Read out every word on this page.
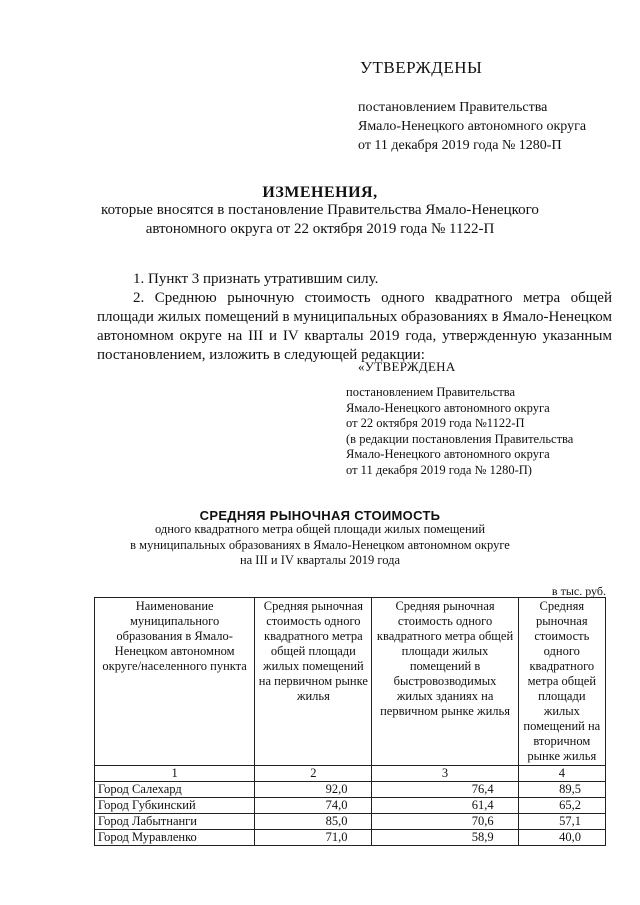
УТВЕРЖДЕНЫ
постановлением Правительства
Ямало-Ненецкого автономного округа
от 11 декабря 2019 года № 1280-П
ИЗМЕНЕНИЯ,
которые вносятся в постановление Правительства Ямало-Ненецкого
автономного округа от 22 октября 2019 года № 1122-П

1. Пункт 3 признать утратившим силу.

2. Среднюю рыночную стоимость одного квадратного метра общей площади жилых помещений в муниципальных образованиях в Ямало-Ненецком автономном округе на III и IV кварталы 2019 года, утвержденную указанным постановлением, изложить в следующей редакции:

«УТВЕРЖДЕНА
постановлением Правительства
Ямало-Ненецкого автономного округа
от 22 октября 2019 года №1122-П
(в редакции постановления Правительства
Ямало-Ненецкого автономного округа
от 11 декабря 2019 года № 1280-П)
СРЕДНЯЯ РЫНОЧНАЯ СТОИМОСТЬ
одного квадратного метра общей площади жилых помещений
в муниципальных образованиях в Ямало-Ненецком автономном округе
на III и IV кварталы 2019 года
в тыс. руб.
Наименование муниципального образования в Ямало-Ненецком автономном округе/населенного пункта	Средняя рыночная стоимость одного квадратного метра общей площади жилых помещений на первичном рынке жилья	Средняя рыночная стоимость одного квадратного метра общей площади жилых помещений в быстровозводимых жилых зданиях на первичном рынке жилья	Средняя рыночная стоимость одного квадратного метра общей площади жилых помещений на вторичном рынке жилья
1	2	3	4
Город Салехард	92,0	76,4	89,5
Город Губкинский	74,0	61,4	65,2
Город Лабытнанги	85,0	70,6	57,1
Город Муравленко	71,0	58,9	40,0
